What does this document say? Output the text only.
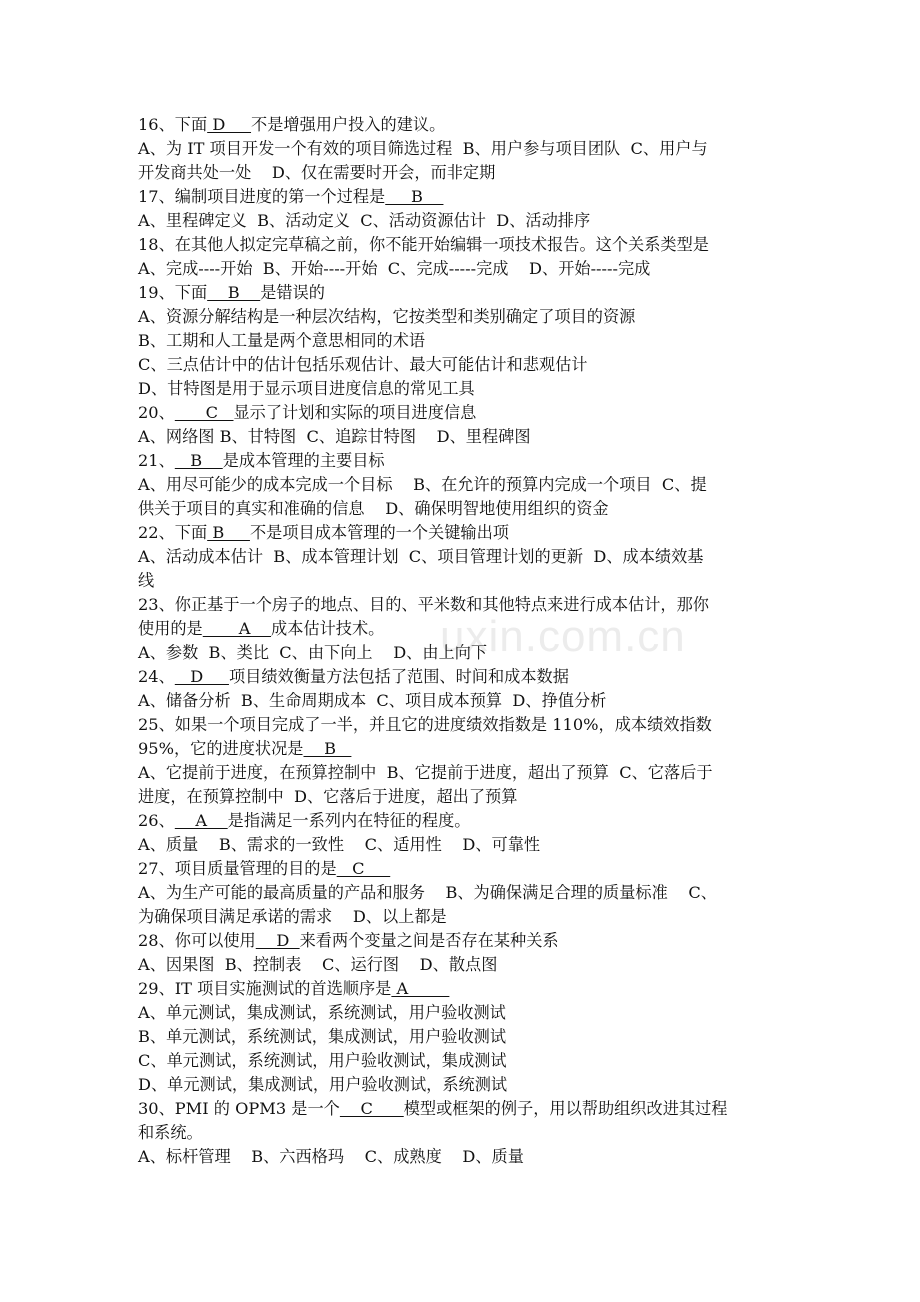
uxin.com.cn
16、下面 D     不是增强用户投入的建议。
A、为 IT 项目开发一个有效的项目筛选过程  B、用户参与项目团队  C、用户与
开发商共处一处    D、仅在需要时开会，而非定期
17、编制项目进度的第一个过程是     B
A、里程碑定义  B、活动定义  C、活动资源估计  D、活动排序
18、在其他人拟定完草稿之前，你不能开始编辑一项技术报告。这个关系类型是
A、完成----开始  B、开始----开始  C、完成-----完成    D、开始-----完成
19、下面    B    是错误的
A、资源分解结构是一种层次结构，它按类型和类别确定了项目的资源
B、工期和人工量是两个意思相同的术语
C、三点估计中的估计包括乐观估计、最大可能估计和悲观估计
D、甘特图是用于显示项目进度信息的常见工具
20、      C   显示了计划和实际的项目进度信息
A、网络图 B、甘特图  C、追踪甘特图    D、里程碑图
21、   B    是成本管理的主要目标
A、用尽可能少的成本完成一个目标    B、在允许的预算内完成一个项目  C、提
供关于项目的真实和准确的信息    D、确保明智地使用组织的资金
22、下面 B     不是项目成本管理的一个关键输出项
A、活动成本估计  B、成本管理计划  C、项目管理计划的更新  D、成本绩效基
线
23、你正基于一个房子的地点、目的、平米数和其他特点来进行成本估计，那你
使用的是       A    成本估计技术。
A、参数  B、类比  C、由下向上    D、由上向下
24、   D     项目绩效衡量方法包括了范围、时间和成本数据
A、储备分析  B、生命周期成本  C、项目成本预算  D、挣值分析
25、如果一个项目完成了一半，并且它的进度绩效指数是 110%，成本绩效指数
95%，它的进度状况是    B
A、它提前于进度，在预算控制中  B、它提前于进度，超出了预算  C、它落后于
进度，在预算控制中  D、它落后于进度，超出了预算
26、    A    是指满足一系列内在特征的程度。
A、质量    B、需求的一致性    C、适用性    D、可靠性
27、项目质量管理的目的是   C
A、为生产可能的最高质量的产品和服务    B、为确保满足合理的质量标准    C、
为确保项目满足承诺的需求    D、以上都是
28、你可以使用    D  来看两个变量之间是否存在某种关系
A、因果图  B、控制表    C、运行图    D、散点图
29、IT 项目实施测试的首选顺序是 A
A、单元测试，集成测试，系统测试，用户验收测试
B、单元测试，系统测试，集成测试，用户验收测试
C、单元测试，系统测试，用户验收测试，集成测试
D、单元测试，集成测试，用户验收测试，系统测试
30、PMI 的 OPM3 是一个    C      模型或框架的例子，用以帮助组织改进其过程
和系统。
A、标杆管理    B、六西格玛    C、成熟度    D、质量
